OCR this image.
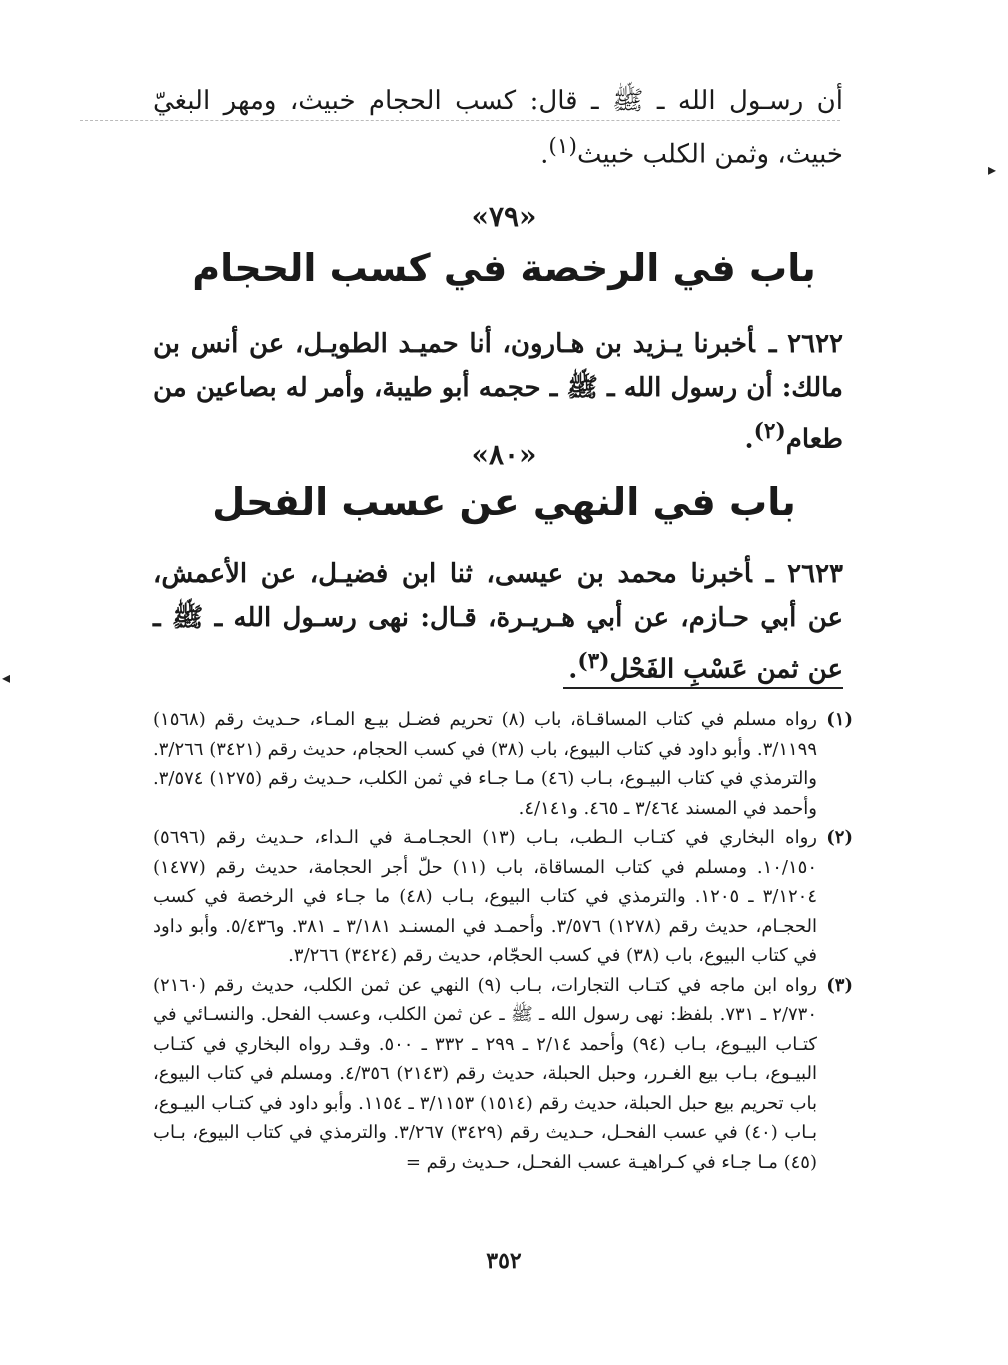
أن رسـول الله ـ ﷺ ـ قال: كسب الحجام خبيث، ومهر البغيّ خبيث، وثمن الكلب خبيث$^{(١)}$.
«٧٩»
باب في الرخصة في كسب الحجام
٢٦٢٢ ـأخبرنا يـزيد بن هـارون، أنا حميـد الطويـل، عن أنس بن مالك: أن رسول الله ـ ﷺ ـ حجمه أبو طيبة، وأمر له بصاعين من طعام$^{(٢)}$.
«٨٠»
باب في النهي عن عسب الفحل
٢٦٢٣ ـأخبرنا محمد بن عيسى، ثنا ابن فضيـل، عن الأعمش، عن أبي حـازم، عن أبي هـريـرة، قـال: نهى رسـول الله ـ ﷺ ـ عن ثمن عَسْبِ الفَحْل$^{(٣)}$.
(١)
رواه مسلم في كتاب المساقـاة، باب (٨) تحريم فضـل بيـع المـاء، حـديث رقم (١٥٦٨) ٣/١١٩٩. وأبو داود في كتاب البيوع، باب (٣٨) في كسب الحجام، حديث رقم (٣٤٢١) ٣/٢٦٦. والترمذي في كتاب البيـوع، بـاب (٤٦) مـا جـاء في ثمن الكلب، حـديث رقم (١٢٧٥) ٣/٥٧٤. وأحمد في المسند ٣/٤٦٤ ـ ٤٦٥. و٤/١٤١.
(٢)
رواه البخاري في كتـاب الـطب، بـاب (١٣) الحجـامـة في الـداء، حـديث رقم (٥٦٩٦) ١٠/١٥٠. ومسلم في كتاب المساقاة، باب (١١) حلّ أجر الحجامة، حديث رقم (١٤٧٧) ٣/١٢٠٤ ـ ١٢٠٥. والترمذي في كتاب البيوع، بـاب (٤٨) ما جـاء في الرخصة في كسب الحجـام، حديث رقم (١٢٧٨) ٣/٥٧٦. وأحمـد في المسنـد ٣/١٨١ ـ ٣٨١. و٥/٤٣٦. وأبو داود في كتاب البيوع، باب (٣٨) في كسب الحجّام، حديث رقم (٣٤٢٤) ٣/٢٦٦.
(٣)
رواه ابن ماجه في كتـاب التجارات، بـاب (٩) النهي عن ثمن الكلب، حديث رقم (٢١٦٠) ٢/٧٣٠ ـ ٧٣١. بلفظ: نهى رسول الله ـ ﷺ ـ عن ثمن الكلب، وعسب الفحل. والنسـائي في كتـاب البيـوع، بـاب (٩٤) وأحمد ٢/١٤ ـ ٢٩٩ ـ ٣٣٢ ـ ٥٠٠. وقـد رواه البخاري في كتـاب البيـوع، بـاب بيع الغـرر، وحبل الحبلة، حديث رقم (٢١٤٣) ٤/٣٥٦. ومسلم في كتاب البيوع، باب تحريم بيع حبل الحبلة، حديث رقم (١٥١٤) ٣/١١٥٣ ـ ١١٥٤. وأبو داود في كتـاب البيـوع، بـاب (٤٠) في عسب الفحـل، حـديث رقم (٣٤٢٩) ٣/٢٦٧. والترمذي في كتاب البيوع، بـاب (٤٥) مـا جـاء في كـراهيـة عسب الفحـل، حـديث رقم =
٣٥٢
▸
◂
